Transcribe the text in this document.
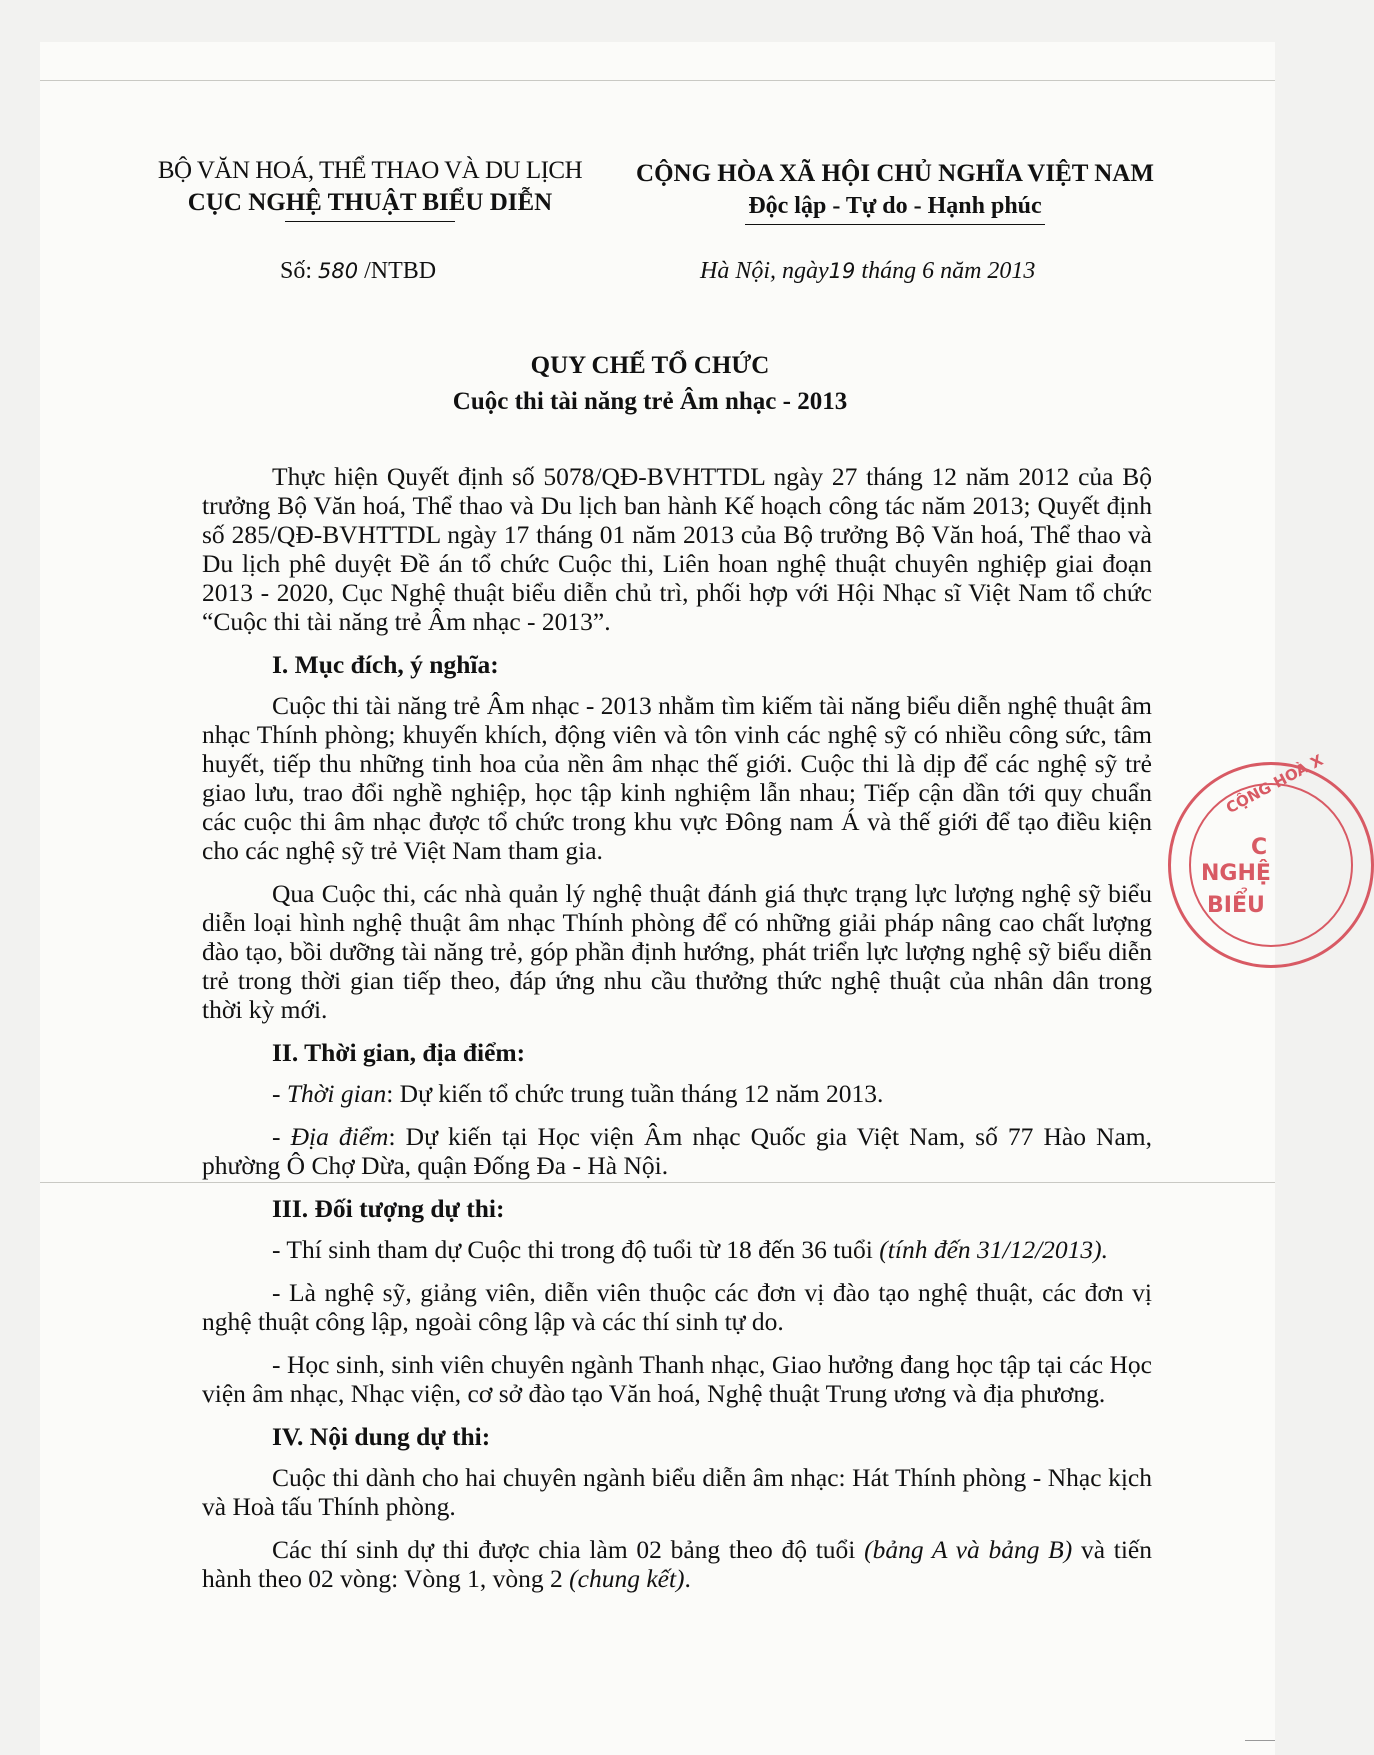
BỘ VĂN HOÁ, THỂ THAO VÀ DU LỊCH
CỤC NGHỆ THUẬT BIỂU DIỄN
CỘNG HÒA XÃ HỘI CHỦ NGHĨA VIỆT NAM
Độc lập - Tự do - Hạnh phúc
Số: 580 /NTBD	Hà Nội, ngày19 tháng 6 năm 2013
QUY CHẾ TỔ CHỨC
Cuộc thi tài năng trẻ Âm nhạc - 2013

Thực hiện Quyết định số 5078/QĐ-BVHTTDL ngày 27 tháng 12 năm 2012 của Bộ trưởng Bộ Văn hoá, Thể thao và Du lịch ban hành Kế hoạch công tác năm 2013; Quyết định số 285/QĐ-BVHTTDL ngày 17 tháng 01 năm 2013 của Bộ trưởng Bộ Văn hoá, Thể thao và Du lịch phê duyệt Đề án tổ chức Cuộc thi, Liên hoan nghệ thuật chuyên nghiệp giai đoạn 2013 - 2020, Cục Nghệ thuật biểu diễn chủ trì, phối hợp với Hội Nhạc sĩ Việt Nam tổ chức “Cuộc thi tài năng trẻ Âm nhạc - 2013”.

I. Mục đích, ý nghĩa:

Cuộc thi tài năng trẻ Âm nhạc - 2013 nhằm tìm kiếm tài năng biểu diễn nghệ thuật âm nhạc Thính phòng; khuyến khích, động viên và tôn vinh các nghệ sỹ có nhiều công sức, tâm huyết, tiếp thu những tinh hoa của nền âm nhạc thế giới. Cuộc thi là dịp để các nghệ sỹ trẻ giao lưu, trao đổi nghề nghiệp, học tập kinh nghiệm lẫn nhau; Tiếp cận dần tới quy chuẩn các cuộc thi âm nhạc được tổ chức trong khu vực Đông nam Á và thế giới để tạo điều kiện cho các nghệ sỹ trẻ Việt Nam tham gia.

Qua Cuộc thi, các nhà quản lý nghệ thuật đánh giá thực trạng lực lượng nghệ sỹ biểu diễn loại hình nghệ thuật âm nhạc Thính phòng để có những giải pháp nâng cao chất lượng đào tạo, bồi dưỡng tài năng trẻ, góp phần định hướng, phát triển lực lượng nghệ sỹ biểu diễn trẻ trong thời gian tiếp theo, đáp ứng nhu cầu thưởng thức nghệ thuật của nhân dân trong thời kỳ mới.

II. Thời gian, địa điểm:

- Thời gian: Dự kiến tổ chức trung tuần tháng 12 năm 2013.

- Địa điểm: Dự kiến tại Học viện Âm nhạc Quốc gia Việt Nam, số 77 Hào Nam, phường Ô Chợ Dừa, quận Đống Đa - Hà Nội.

III. Đối tượng dự thi:

- Thí sinh tham dự Cuộc thi trong độ tuổi từ 18 đến 36 tuổi (tính đến 31/12/2013).

- Là nghệ sỹ, giảng viên, diễn viên thuộc các đơn vị đào tạo nghệ thuật, các đơn vị nghệ thuật công lập, ngoài công lập và các thí sinh tự do.

- Học sinh, sinh viên chuyên ngành Thanh nhạc, Giao hưởng đang học tập tại các Học viện âm nhạc, Nhạc viện, cơ sở đào tạo Văn hoá, Nghệ thuật Trung ương và địa phương.

IV. Nội dung dự thi:

Cuộc thi dành cho hai chuyên ngành biểu diễn âm nhạc: Hát Thính phòng - Nhạc kịch và Hoà tấu Thính phòng.

Các thí sinh dự thi được chia làm 02 bảng theo độ tuổi (bảng A và bảng B) và tiến hành theo 02 vòng: Vòng 1, vòng 2 (chung kết).

CỘNG HOÀ X
C
NGHỆ
BIỂU
